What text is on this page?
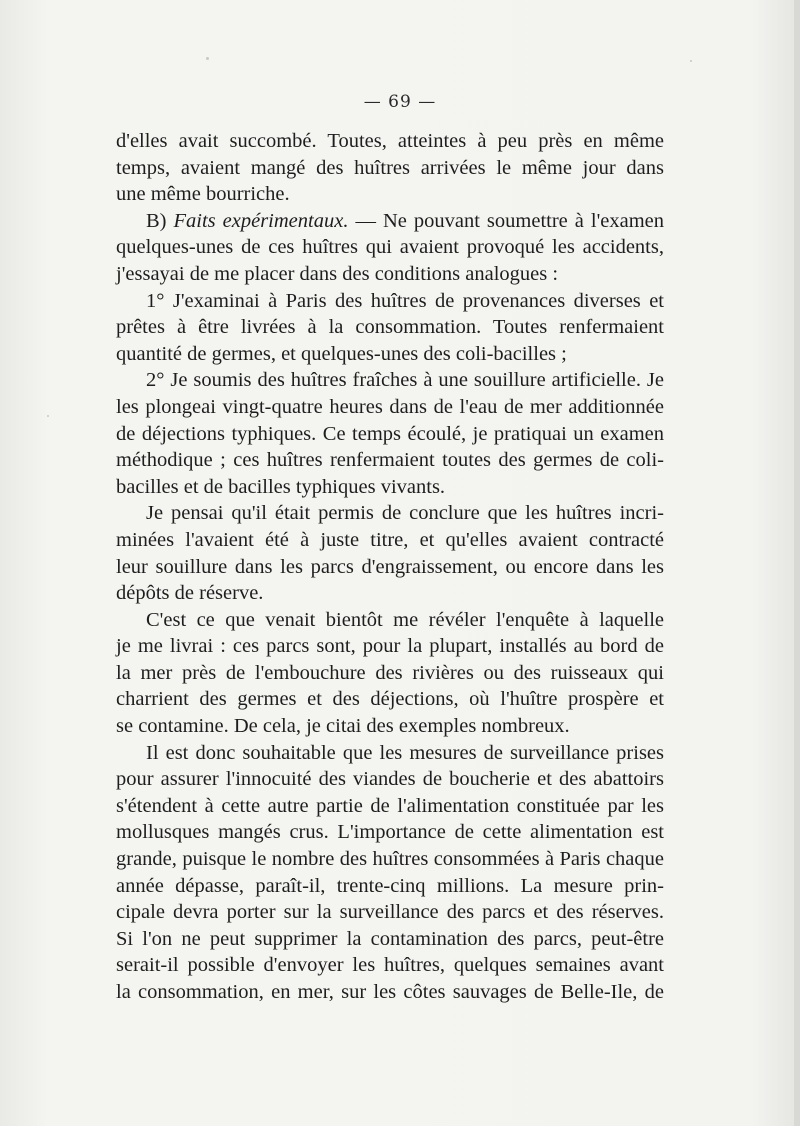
— 69 —
d'elles avait succombé. Toutes, atteintes à peu près en même
temps, avaient mangé des huîtres arrivées le même jour dans
une même bourriche.
B) Faits expérimentaux. — Ne pouvant soumettre à l'examen
quelques-unes de ces huîtres qui avaient provoqué les accidents,
j'essayai de me placer dans des conditions analogues :
1° J'examinai à Paris des huîtres de provenances diverses et
prêtes à être livrées à la consommation. Toutes renfermaient
quantité de germes, et quelques-unes des coli-bacilles ;
2° Je soumis des huîtres fraîches à une souillure artificielle. Je
les plongeai vingt-quatre heures dans de l'eau de mer additionnée
de déjections typhiques. Ce temps écoulé, je pratiquai un examen
méthodique ; ces huîtres renfermaient toutes des germes de coli-
bacilles et de bacilles typhiques vivants.
Je pensai qu'il était permis de conclure que les huîtres incri-
minées l'avaient été à juste titre, et qu'elles avaient contracté
leur souillure dans les parcs d'engraissement, ou encore dans les
dépôts de réserve.
C'est ce que venait bientôt me révéler l'enquête à laquelle
je me livrai : ces parcs sont, pour la plupart, installés au bord de
la mer près de l'embouchure des rivières ou des ruisseaux qui
charrient des germes et des déjections, où l'huître prospère et
se contamine. De cela, je citai des exemples nombreux.
Il est donc souhaitable que les mesures de surveillance prises
pour assurer l'innocuité des viandes de boucherie et des abattoirs
s'étendent à cette autre partie de l'alimentation constituée par les
mollusques mangés crus. L'importance de cette alimentation est
grande, puisque le nombre des huîtres consommées à Paris chaque
année dépasse, paraît-il, trente-cinq millions. La mesure prin-
cipale devra porter sur la surveillance des parcs et des réserves.
Si l'on ne peut supprimer la contamination des parcs, peut-être
serait-il possible d'envoyer les huîtres, quelques semaines avant
la consommation, en mer, sur les côtes sauvages de Belle-Ile, de
